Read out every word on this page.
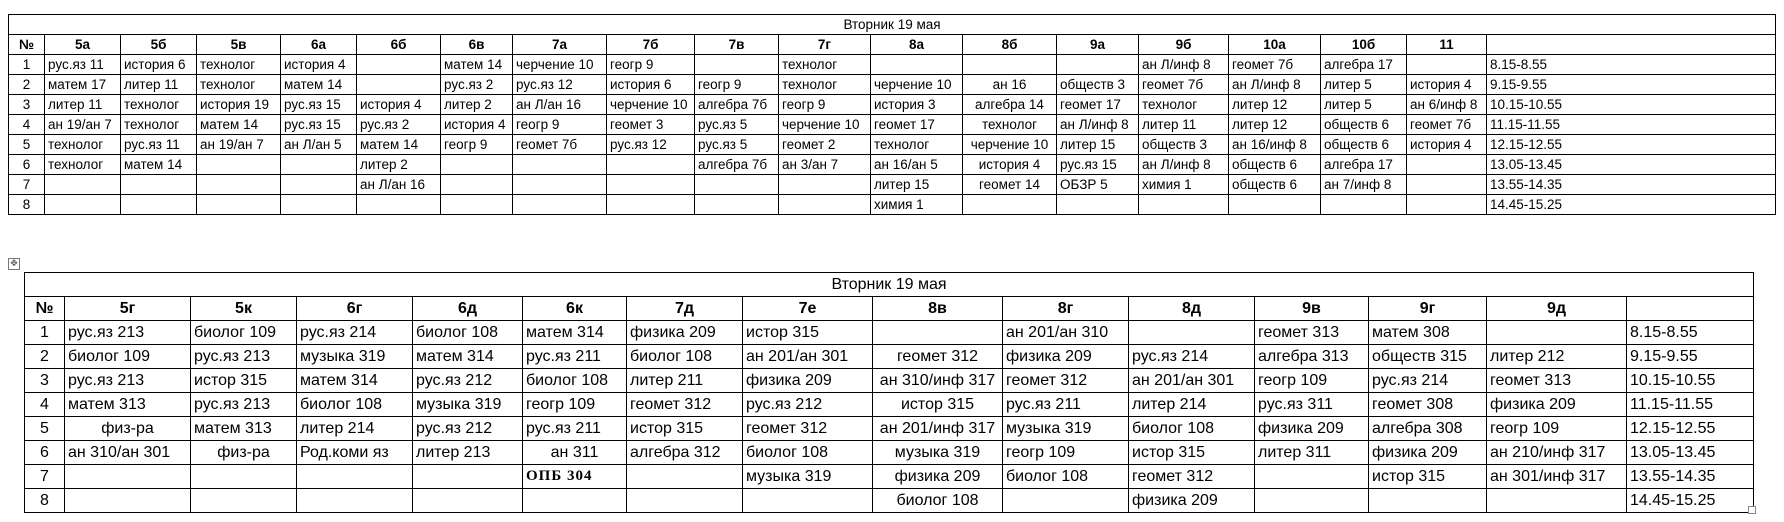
Вторник 19 мая																		
№	5а	5б	5в	6а	6б	6в	7а	7б	7в	7г	8а	8б	9а	9б	10а	10б	11	
1	рус.яз 11	история 6	технолог	история 4		матем 14	черчение 10	геогр 9		технолог				ан Л/инф 8	геомет 7б	алгебра 17		8.15-8.55
2	матем 17	литер 11	технолог	матем 14		рус.яз 2	рус.яз 12	история 6	геогр 9	технолог	черчение 10	ан 16	обществ 3	геомет 7б	ан Л/инф 8	литер 5	история 4	9.15-9.55
3	литер 11	технолог	история 19	рус.яз 15	история 4	литер 2	ан Л/ан 16	черчение 10	алгебра 7б	геогр 9	история 3	алгебра 14	геомет 17	технолог	литер 12	литер 5	ан 6/инф 8	10.15-10.55
4	ан 19/ан 7	технолог	матем 14	рус.яз 15	рус.яз 2	история 4	геогр 9	геомет 3	рус.яз 5	черчение 10	геомет 17	технолог	ан Л/инф 8	литер 11	литер 12	обществ 6	геомет 7б	11.15-11.55
5	технолог	рус.яз 11	ан 19/ан 7	ан Л/ан 5	матем 14	геогр 9	геомет 7б	рус.яз 12	рус.яз 5	геомет 2	технолог	черчение 10	литер 15	обществ 3	ан 16/инф 8	обществ 6	история 4	12.15-12.55
6	технолог	матем 14			литер 2				алгебра 7б	ан 3/ан 7	ан 16/ан 5	история 4	рус.яз 15	ан Л/инф 8	обществ 6	алгебра 17		13.05-13.45
7					ан Л/ан 16						литер 15	геомет 14	ОБЗР 5	химия 1	обществ 6	ан 7/инф 8		13.55-14.35
8											химия 1							14.45-15.25
✥
Вторник 19 мая														
№	5г	5к	6г	6д	6к	7д	7е	8в	8г	8д	9в	9г	9д	
1	рус.яз 213	биолог 109	рус.яз 214	биолог 108	матем 314	физика 209	истор 315		ан 201/ан 310		геомет 313	матем 308		8.15-8.55
2	биолог 109	рус.яз 213	музыка 319	матем 314	рус.яз 211	биолог 108	ан 201/ан 301	геомет 312	физика 209	рус.яз 214	алгебра 313	обществ 315	литер 212	9.15-9.55
3	рус.яз 213	истор 315	матем 314	рус.яз 212	биолог 108	литер 211	физика 209	ан 310/инф 317	геомет 312	ан 201/ан 301	геогр 109	рус.яз 214	геомет 313	10.15-10.55
4	матем 313	рус.яз 213	биолог 108	музыка 319	геогр 109	геомет 312	рус.яз 212	истор 315	рус.яз 211	литер 214	рус.яз 311	геомет 308	физика 209	11.15-11.55
5	физ-ра	матем 313	литер 214	рус.яз 212	рус.яз 211	истор 315	геомет 312	ан 201/инф 317	музыка 319	биолог 108	физика 209	алгебра 308	геогр 109	12.15-12.55
6	ан 310/ан 301	физ-ра	Род.коми яз	литер 213	ан 311	алгебра 312	биолог 108	музыка 319	геогр 109	истор 315	литер 311	физика 209	ан 210/инф 317	13.05-13.45
7					ОПБ 304		музыка 319	физика 209	биолог 108	геомет 312		истор 315	ан 301/инф 317	13.55-14.35
8								биолог 108		физика 209				14.45-15.25
